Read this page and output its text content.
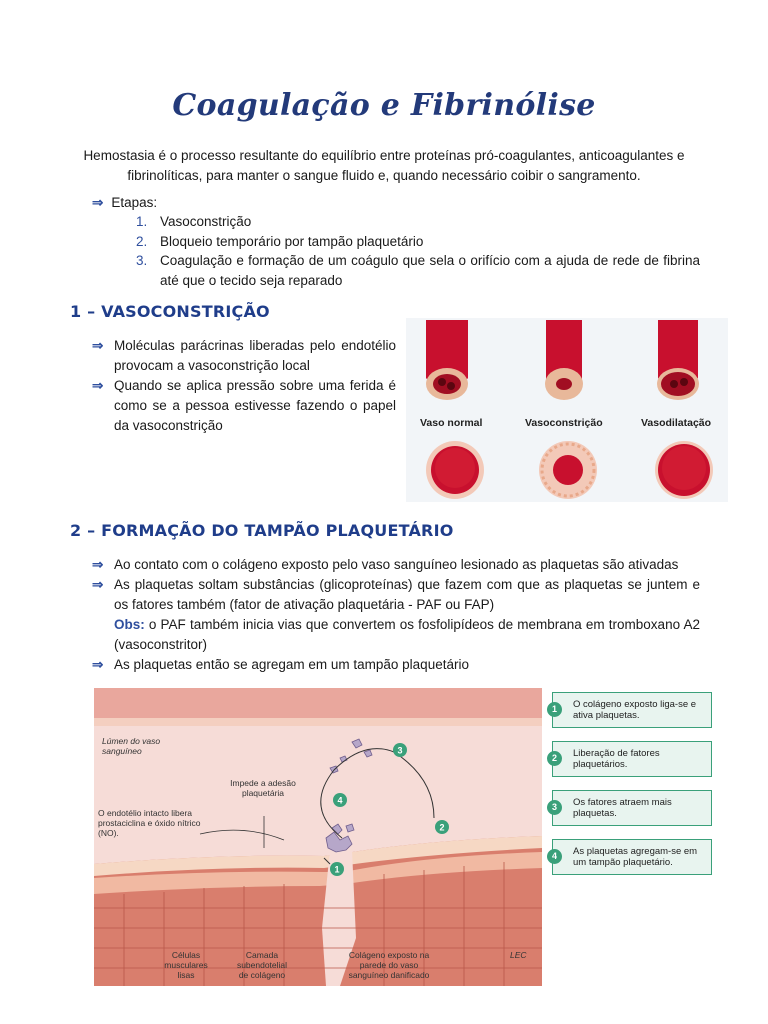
Coagulação e Fibrinólise
Hemostasia é o processo resultante do equilíbrio entre proteínas pró-coagulantes, anticoagulantes e fibrinolíticas, para manter o sangue fluido e, quando necessário coibir o sangramento.
⇒ Etapas:
1. Vasoconstrição
2. Bloqueio temporário por tampão plaquetário
3. Coagulação e formação de um coágulo que sela o orifício com a ajuda de rede de fibrina até que o tecido seja reparado
1 – VASOCONSTRIÇÃO
⇒ Moléculas parácrinas liberadas pelo endotélio provocam a vasoconstrição local
⇒ Quando se aplica pressão sobre uma ferida é como se a pessoa estivesse fazendo o papel da vasoconstrição	Vaso normal	Vasoconstrição	Vasodilatação
2 – FORMAÇÃO DO TAMPÃO PLAQUETÁRIO
⇒ Ao contato com o colágeno exposto pelo vaso sanguíneo lesionado as plaquetas são ativadas
⇒ As plaquetas soltam substâncias (glicoproteínas) que fazem com que as plaquetas se juntem e os fatores também (fator de ativação plaquetária - PAF ou FAP)
Obs: o PAF também inicia vias que convertem os fosfolipídeos de membrana em tromboxano A2 (vasoconstritor)
⇒ As plaquetas então se agregam em um tampão plaquetário
1
2
3
4
Lúmen do vaso sanguíneo
O endotélio intacto libera prostaciclina e óxido nítrico (NO).
Impede a adesão plaquetária
Células musculares lisas
Camada subendotelial de colágeno
Colágeno exposto na parede do vaso sanguíneo danificado
LEC
1	O colágeno exposto liga-se e ativa plaquetas.
2	Liberação de fatores plaquetários.
3	Os fatores atraem mais plaquetas.
4	As plaquetas agregam-se em um tampão plaquetário.
